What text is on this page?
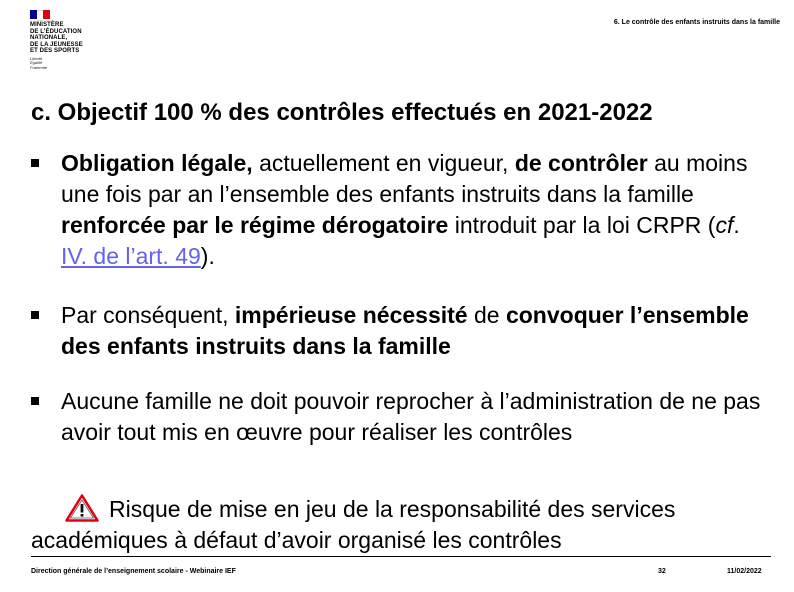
MINISTÈRE
DE L’ÉDUCATION
NATIONALE,
DE LA JEUNESSE
ET DES SPORTS
Liberté
Égalité
Fraternité
6. Le contrôle des enfants instruits dans la famille
c. Objectif 100 % des contrôles effectués en 2021-2022
Obligation légale, actuellement en vigueur, de contrôler au moins une fois par an l’ensemble des enfants instruits dans la famille renforcée par le régime dérogatoire introduit par la loi CRPR (cf. IV. de l’art. 49).
Par conséquent, impérieuse nécessité de convoquer l’ensemble des enfants instruits dans la famille
Aucune famille ne doit pouvoir reprocher à l’administration de ne pas avoir tout mis en œuvre pour réaliser les contrôles
Risque de mise en jeu de la responsabilité des services académiques à défaut d’avoir organisé les contrôles
Direction générale de l’enseignement scolaire - Webinaire IEF	32	11/02/2022
